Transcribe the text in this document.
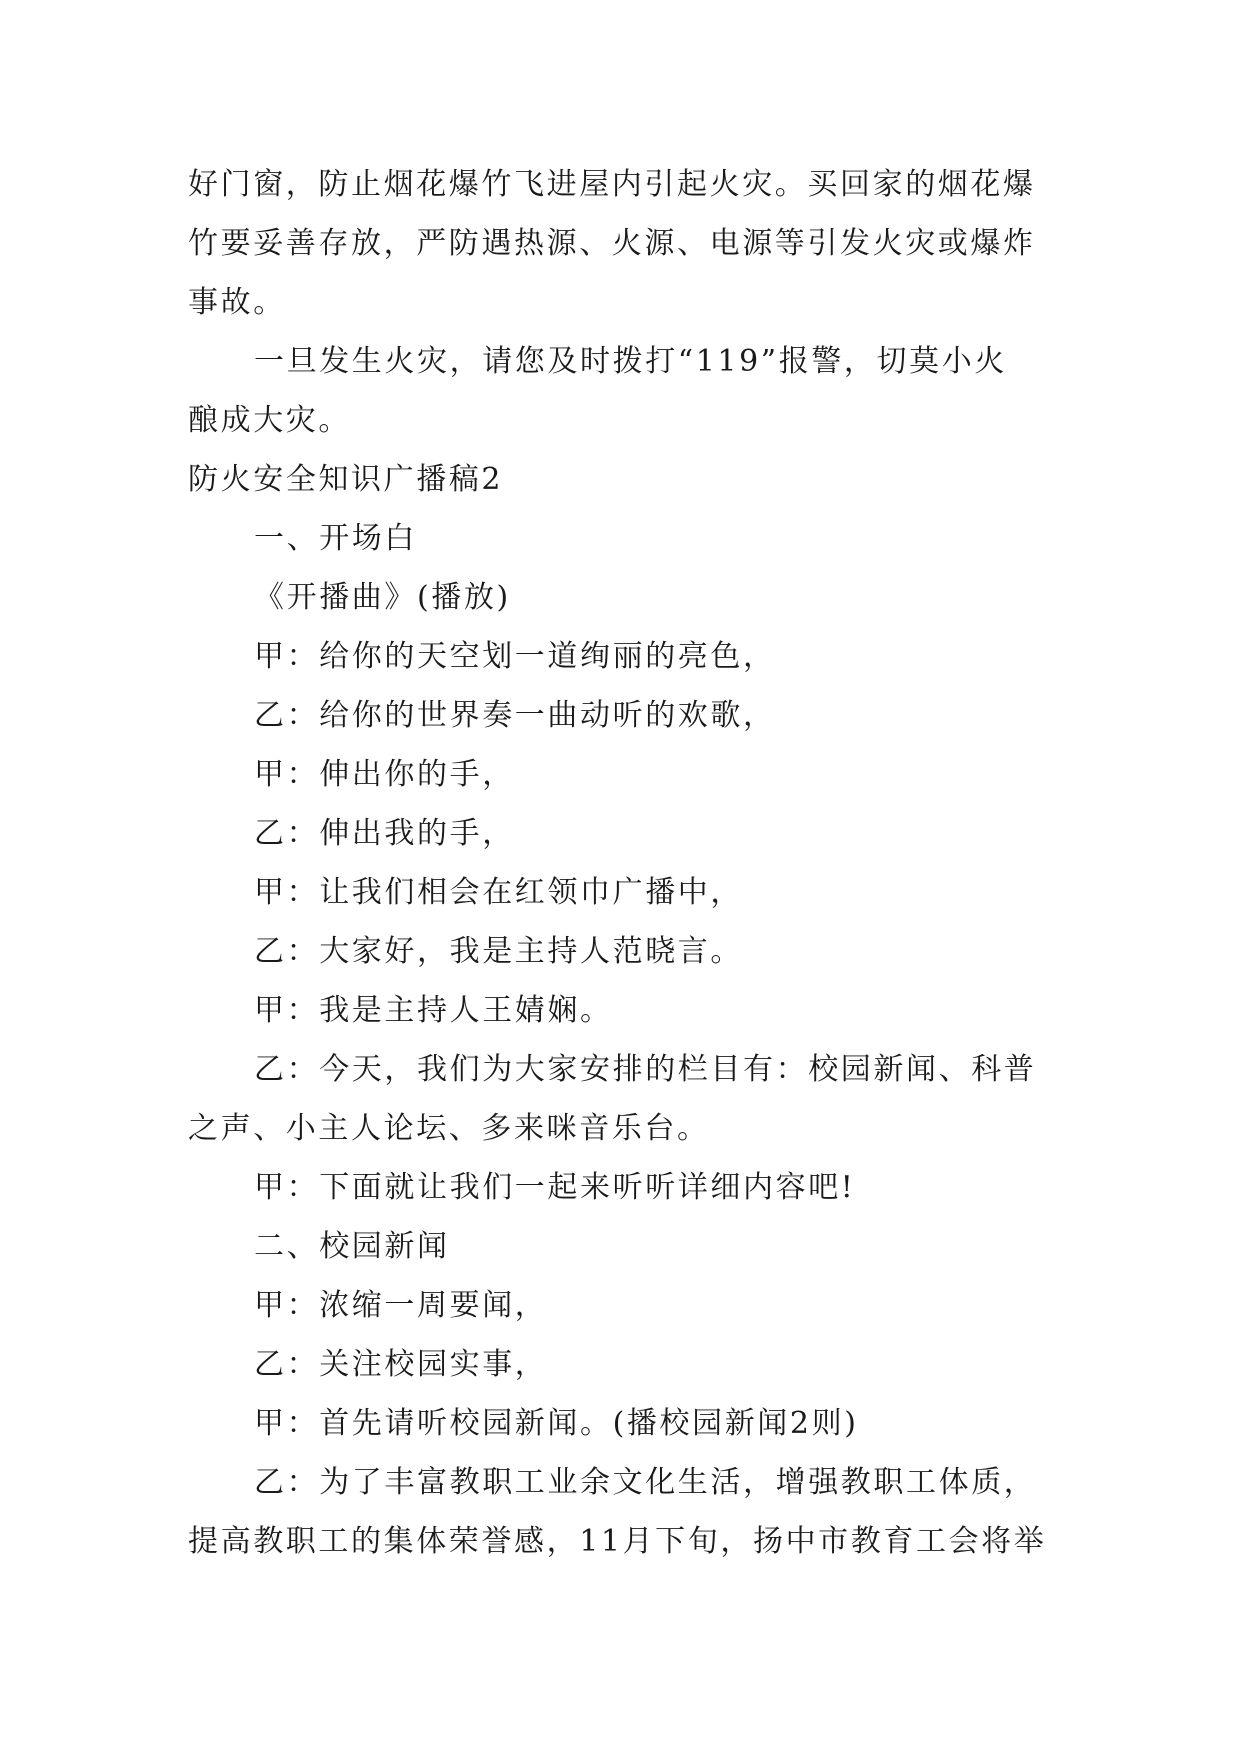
好门窗，防止烟花爆竹飞进屋内引起火灾。买回家的烟花爆
竹要妥善存放，严防遇热源、火源、电源等引发火灾或爆炸
事故。
一旦发生火灾，请您及时拨打“119”报警，切莫小火
酿成大灾。
防火安全知识广播稿2
一、开场白
《开播曲》(播放)
甲：给你的天空划一道绚丽的亮色，
乙：给你的世界奏一曲动听的欢歌，
甲：伸出你的手，
乙：伸出我的手，
甲：让我们相会在红领巾广播中，
乙：大家好，我是主持人范晓言。
甲：我是主持人王婧娴。
乙：今天，我们为大家安排的栏目有：校园新闻、科普
之声、小主人论坛、多来咪音乐台。
甲：下面就让我们一起来听听详细内容吧!
二、校园新闻
甲：浓缩一周要闻，
乙：关注校园实事，
甲：首先请听校园新闻。(播校园新闻2则)
乙：为了丰富教职工业余文化生活，增强教职工体质，
提高教职工的集体荣誉感，11月下旬，扬中市教育工会将举
